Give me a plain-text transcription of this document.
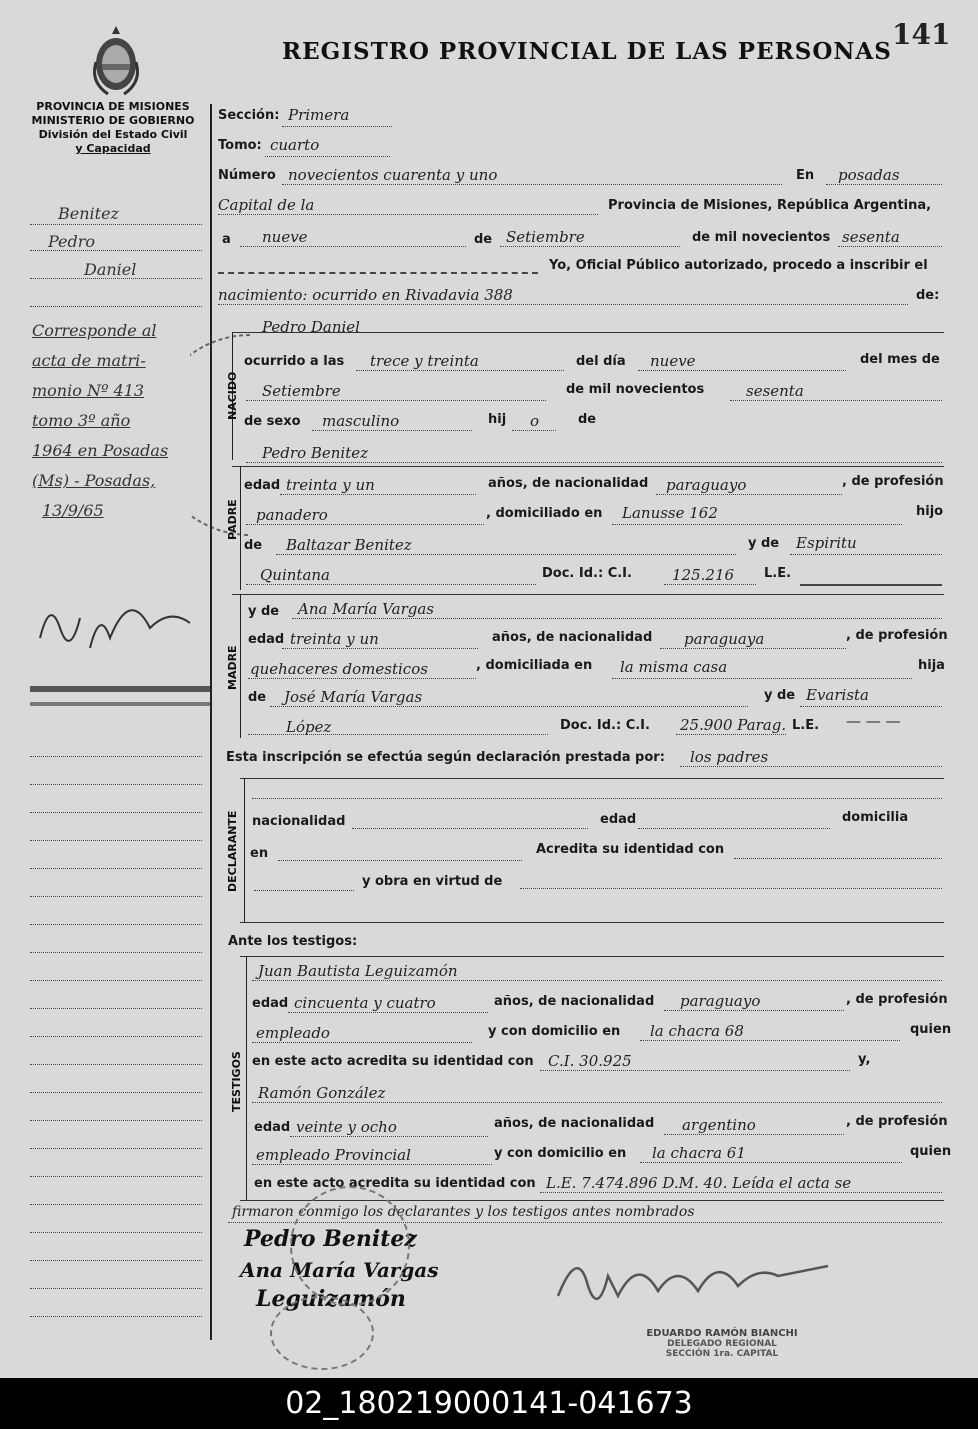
REGISTRO PROVINCIAL DE LAS PERSONAS
141
PROVINCIA DE MISIONES
MINISTERIO DE GOBIERNO
División del Estado Civil
y Capacidad
Benitez
Pedro
Daniel
Corresponde al
acta de matri-
monio Nº 413
tomo 3º año
1964 en Posadas
(Ms) - Posadas,
13/9/65
Sección: Primera
Tomo: cuarto
Número novecientos cuarenta y uno	En posadas
Capital de la	Provincia de Misiones, República Argentina,
a nueve	de Setiembre	de mil novecientos sesenta
Yo, Oficial Público autorizado, procedo a inscribir el
nacimiento: ocurrido en Rivadavia 388	de:
NACIDO
Pedro Daniel
ocurrido a las trece y treinta	del día nueve	del mes de
Setiembre	de mil novecientos	sesenta
de sexo masculino	hij o	de
Pedro Benitez
PADRE
edad treinta y un	años, de nacionalidad paraguayo	, de profesión
panadero	, domiciliado en Lanusse 162	hijo
de Baltazar Benitez	y de Espiritu
Quintana	Doc. Id.: C.I.	125.216 L.E.
MADRE
y de Ana María Vargas
edad treinta y un	años, de nacionalidad paraguaya	, de profesión
quehaceres domesticos	, domiciliada en la misma casa	hija
de José María Vargas	y de Evarista
López	Doc. Id.: C.I. 25.900 Parag. L.E. — — —
Esta inscripción se efectúa según declaración prestada por: los padres
DECLARANTE nacionalidad	edad	domicilia
en	Acredita su identidad con
y obra en virtud de
Ante los testigos:
TESTIGOS
Juan Bautista Leguizamón
edad cincuenta y cuatro	años, de nacionalidad paraguayo	, de profesión
empleado	y con domicilio en la chacra 68	quien
en este acto acredita su identidad con C.I. 30.925	y,
Ramón González
edad veinte y ocho	años, de nacionalidad argentino	, de profesión
empleado Provincial	y con domicilio en la chacra 61	quien
en este acto acredita su identidad con L.E. 7.474.896 D.M. 40. Leída el acta se
firmaron conmigo los declarantes y los testigos antes nombrados
Pedro Benitez
Ana María Vargas
Leguizamón
EDUARDO RAMÓN BIANCHI
DELEGADO REGIONAL
SECCIÓN 1ra. CAPITAL
02_180219000141-041673
